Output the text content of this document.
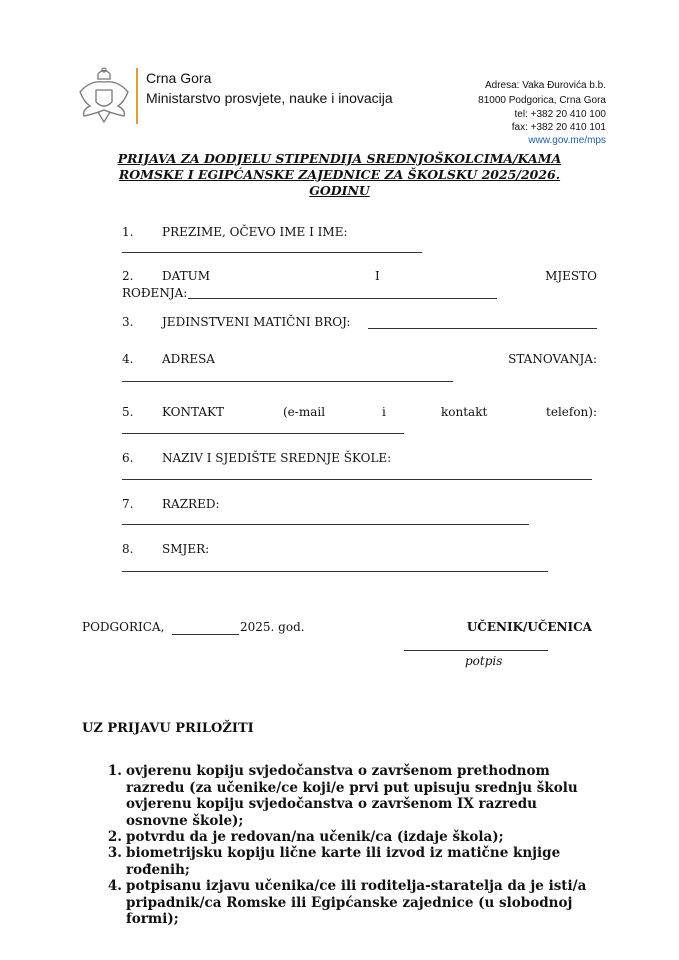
Crna Gora
Ministarstvo prosvjete, nauke i inovacija
Adresa: Vaka Đurovića b.b.
81000 Podgorica, Crna Gora
tel: +382 20 410 100
fax: +382 20 410 101
www.gov.me/mps
PRIJAVA ZA DODJELU STIPENDIJA SREDNJOŠKOLCIMA/KAMA
ROMSKE I EGIPĆANSKE ZAJEDNICE ZA ŠKOLSKU 2025/2026.
GODINU
1. PREZIME, OČEVO IME I IME:
2. DATUM	I	MJESTO
ROĐENJA:
3. JEDINSTVENI MATIČNI BROJ:
4. ADRESA	STANOVANJA:
5. KONTAKT	(e-mail	i	kontakt	telefon):
6. NAZIV I SJEDIŠTE SREDNJE ŠKOLE:
7. RAZRED:
8. SMJER:
PODGORICA,	2025. god.	UČENIK/UČENICA
potpis
UZ PRIJAVU PRILOŽITI
1. ovjerenu kopiju svjedočanstva o završenom prethodnom razredu (za učenike/ce koji/e prvi put upisuju srednju školu ovjerenu kopiju svjedočanstva o završenom IX razredu osnovne škole);
2. potvrdu da je redovan/na učenik/ca (izdaje škola);
3. biometrijsku kopiju lične karte ili izvod iz matične knjige rođenih;
4. potpisanu izjavu učenika/ce ili roditelja-staratelja da je isti/a pripadnik/ca Romske ili Egipćanske zajednice (u slobodnoj formi);
